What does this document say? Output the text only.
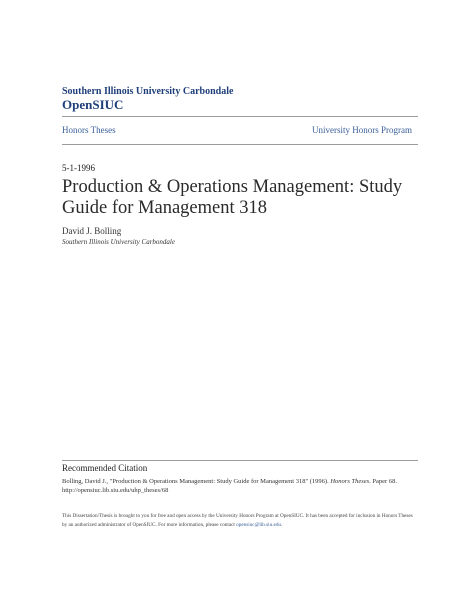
Southern Illinois University Carbondale
OpenSIUC
Honors Theses	University Honors Program
5-1-1996
Production & Operations Management: Study Guide for Management 318
David J. Bolling
Southern Illinois University Carbondale
Recommended Citation
Bolling, David J., "Production & Operations Management: Study Guide for Management 318" (1996). Honors Theses. Paper 68.
http://opensiuc.lib.siu.edu/uhp_theses/68
This Dissertation/Thesis is brought to you for free and open access by the University Honors Program at OpenSIUC. It has been accepted for inclusion in Honors Theses by an authorized administrator of OpenSIUC. For more information, please contact opensiuc@lib.siu.edu.
